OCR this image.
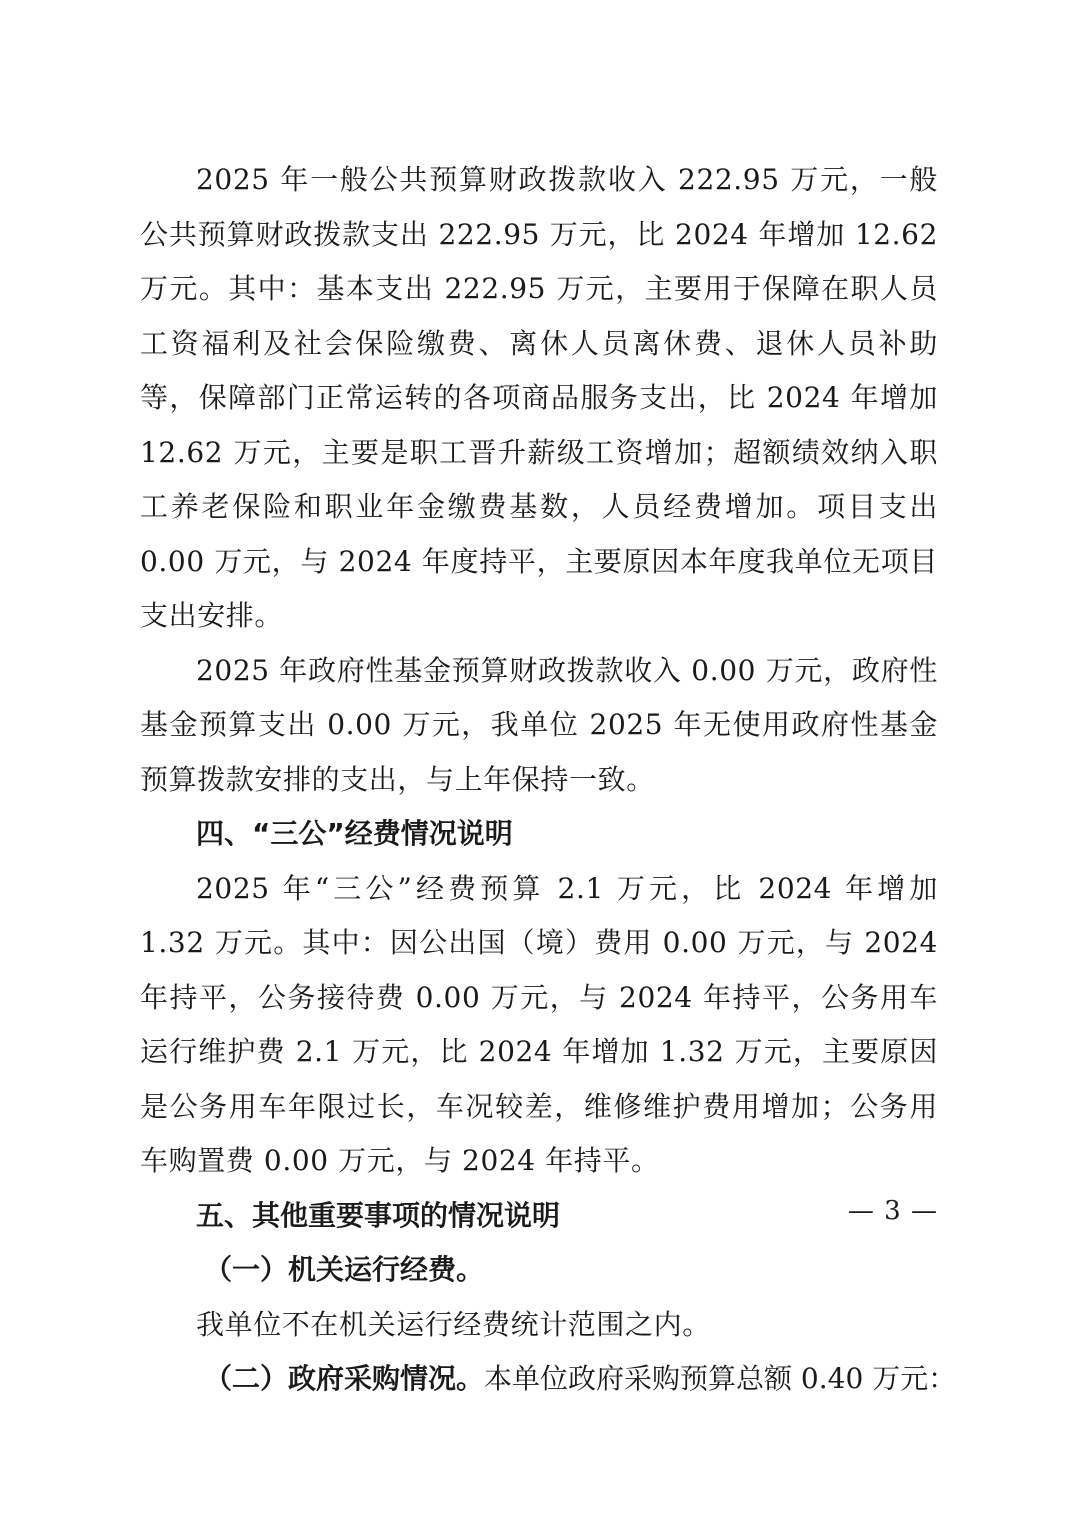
2025 年一般公共预算财政拨款收入 222.95 万元，一般公共预算财政拨款支出 222.95 万元，比 2024 年增加 12.62 万元。其中：基本支出 222.95 万元，主要用于保障在职人员工资福利及社会保险缴费、离休人员离休费、退休人员补助等，保障部门正常运转的各项商品服务支出，比 2024 年增加 12.62 万元，主要是职工晋升薪级工资增加；超额绩效纳入职工养老保险和职业年金缴费基数，人员经费增加。项目支出 0.00 万元，与 2024 年度持平，主要原因本年度我单位无项目支出安排。

2025 年政府性基金预算财政拨款收入 0.00 万元，政府性基金预算支出 0.00 万元，我单位 2025 年无使用政府性基金预算拨款安排的支出，与上年保持一致。

四、“三公”经费情况说明

2025 年“三公”经费预算 2.1 万元，比 2024 年增加 1.32 万元。其中：因公出国（境）费用 0.00 万元，与 2024 年持平，公务接待费 0.00 万元，与 2024 年持平，公务用车运行维护费 2.1 万元，比 2024 年增加 1.32 万元，主要原因是公务用车年限过长，车况较差，维修维护费用增加；公务用车购置费 0.00 万元，与 2024 年持平。

五、其他重要事项的情况说明

（一）机关运行经费。

我单位不在机关运行经费统计范围之内。

（二）政府采购情况。本单位政府采购预算总额 0.40 万元：

— 3 —
